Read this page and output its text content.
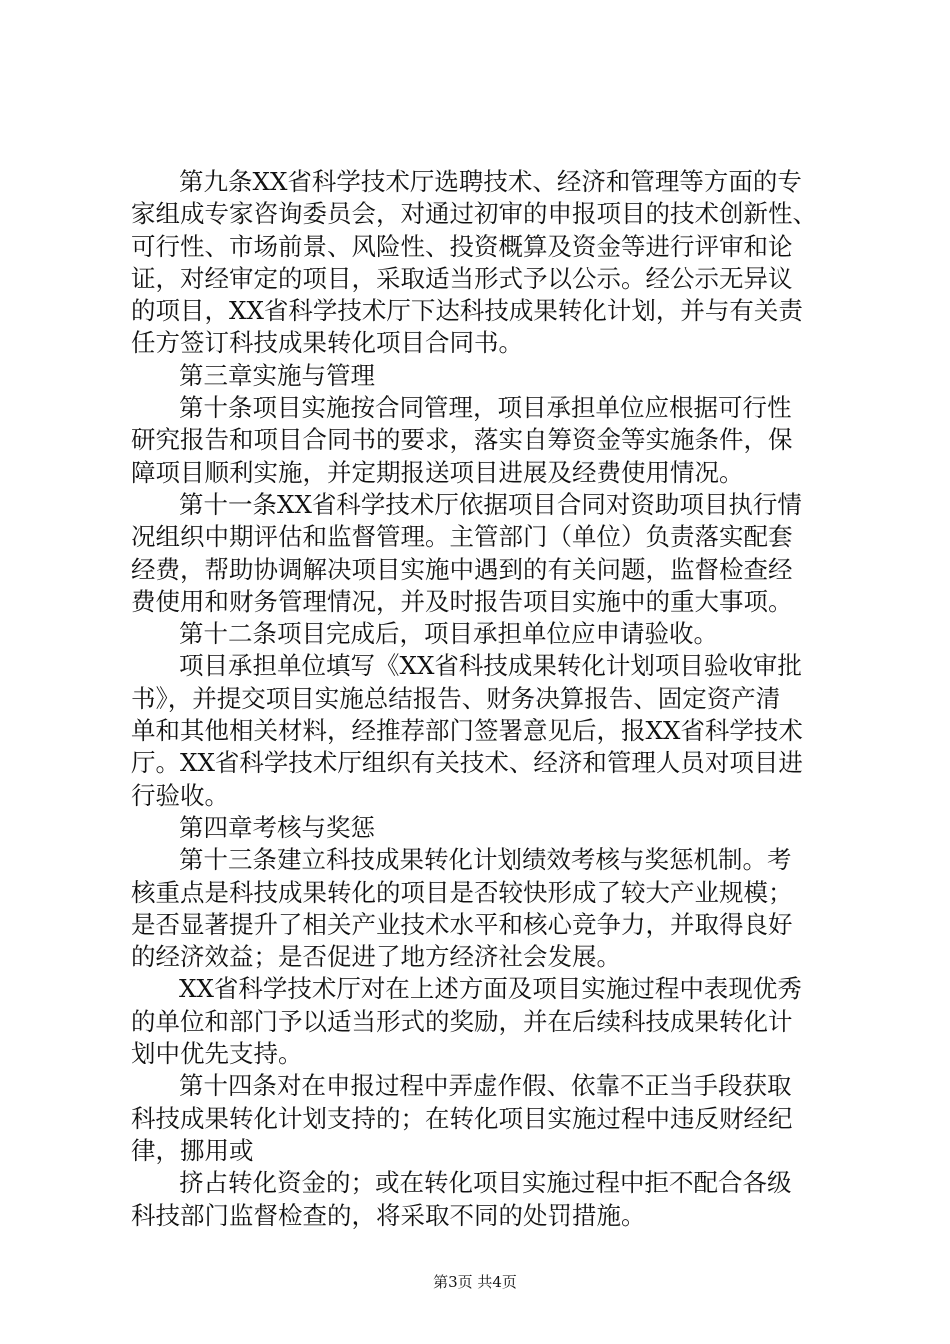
第九条XX省科学技术厅选聘技术、经济和管理等方面的专
家组成专家咨询委员会，对通过初审的申报项目的技术创新性、
可行性、市场前景、风险性、投资概算及资金等进行评审和论
证，对经审定的项目，采取适当形式予以公示。经公示无异议
的项目，XX省科学技术厅下达科技成果转化计划，并与有关责
任方签订科技成果转化项目合同书。
第三章实施与管理
第十条项目实施按合同管理，项目承担单位应根据可行性
研究报告和项目合同书的要求，落实自筹资金等实施条件，保
障项目顺利实施，并定期报送项目进展及经费使用情况。
第十一条XX省科学技术厅依据项目合同对资助项目执行情
况组织中期评估和监督管理。主管部门（单位）负责落实配套
经费，帮助协调解决项目实施中遇到的有关问题，监督检查经
费使用和财务管理情况，并及时报告项目实施中的重大事项。
第十二条项目完成后，项目承担单位应申请验收。
项目承担单位填写《XX省科技成果转化计划项目验收审批
书》，并提交项目实施总结报告、财务决算报告、固定资产清
单和其他相关材料，经推荐部门签署意见后，报XX省科学技术
厅。XX省科学技术厅组织有关技术、经济和管理人员对项目进
行验收。
第四章考核与奖惩
第十三条建立科技成果转化计划绩效考核与奖惩机制。考
核重点是科技成果转化的项目是否较快形成了较大产业规模；
是否显著提升了相关产业技术水平和核心竞争力，并取得良好
的经济效益；是否促进了地方经济社会发展。
XX省科学技术厅对在上述方面及项目实施过程中表现优秀
的单位和部门予以适当形式的奖励，并在后续科技成果转化计
划中优先支持。
第十四条对在申报过程中弄虚作假、依靠不正当手段获取
科技成果转化计划支持的；在转化项目实施过程中违反财经纪
律，挪用或
挤占转化资金的；或在转化项目实施过程中拒不配合各级
科技部门监督检查的，将采取不同的处罚措施。
第3页 共4页
